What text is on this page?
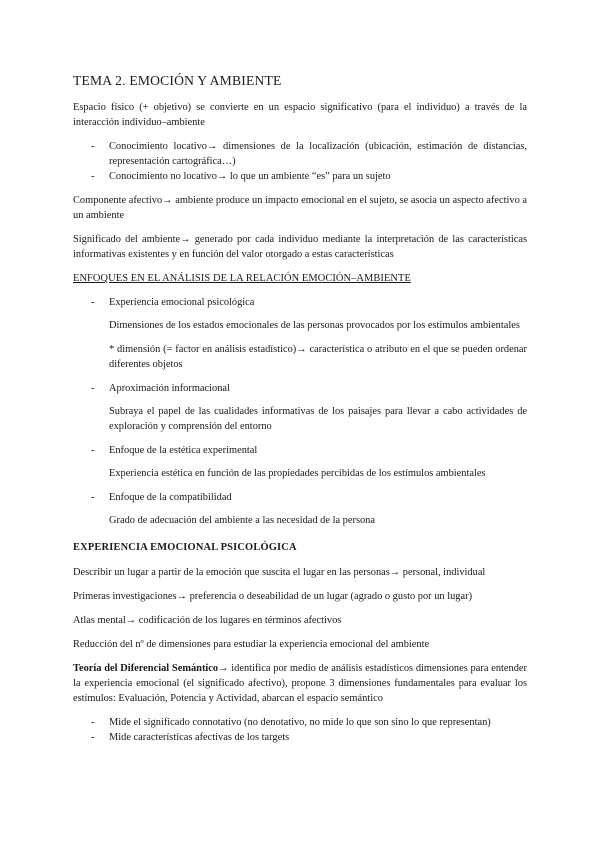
TEMA 2. EMOCIÓN Y AMBIENTE

Espacio físico (+ objetivo) se convierte en un espacio significativo (para el individuo) a través de la interacción individuo–ambiente

- Conocimiento locativo→ dimensiones de la localización (ubicación, estimación de distancias, representación cartográfica…)
- Conocimiento no locativo→ lo que un ambiente “es” para un sujeto

Componente afectivo→ ambiente produce un impacto emocional en el sujeto, se asocia un aspecto afectivo a un ambiente

Significado del ambiente→ generado por cada individuo mediante la interpretación de las características informativas existentes y en función del valor otorgado a estas características

ENFOQUES EN EL ANÁLISIS DE LA RELACIÓN EMOCIÓN–AMBIENTE
- Experiencia emocional psicológica

Dimensiones de los estados emocionales de las personas provocados por los estímulos ambientales

* dimensión (= factor en análisis estadístico)→ característica o atributo en el que se pueden ordenar diferentes objetos

- Aproximación informacional

Subraya el papel de las cualidades informativas de los paisajes para llevar a cabo actividades de exploración y comprensión del entorno

- Enfoque de la estética experimental

Experiencia estética en función de las propiedades percibidas de los estímulos ambientales

- Enfoque de la compatibilidad

Grado de adecuación del ambiente a las necesidad de la persona

EXPERIENCIA EMOCIONAL PSICOLÓGICA

Describir un lugar a partir de la emoción que suscita el lugar en las personas→ personal, individual

Primeras investigaciones→ preferencia o deseabilidad de un lugar (agrado o gusto por un lugar)

Atlas mental→ codificación de los lugares en términos afectivos

Reducción del nº de dimensiones para estudiar la experiencia emocional del ambiente

Teoría del Diferencial Semántico→ identifica por medio de análisis estadísticos dimensiones para entender la experiencia emocional (el significado afectivo), propone 3 dimensiones fundamentales para evaluar los estímulos: Evaluación, Potencia y Actividad, abarcan el espacio semántico

- Mide el significado connotativo (no denotativo, no mide lo que son sino lo que representan)
- Mide características afectivas de los targets
